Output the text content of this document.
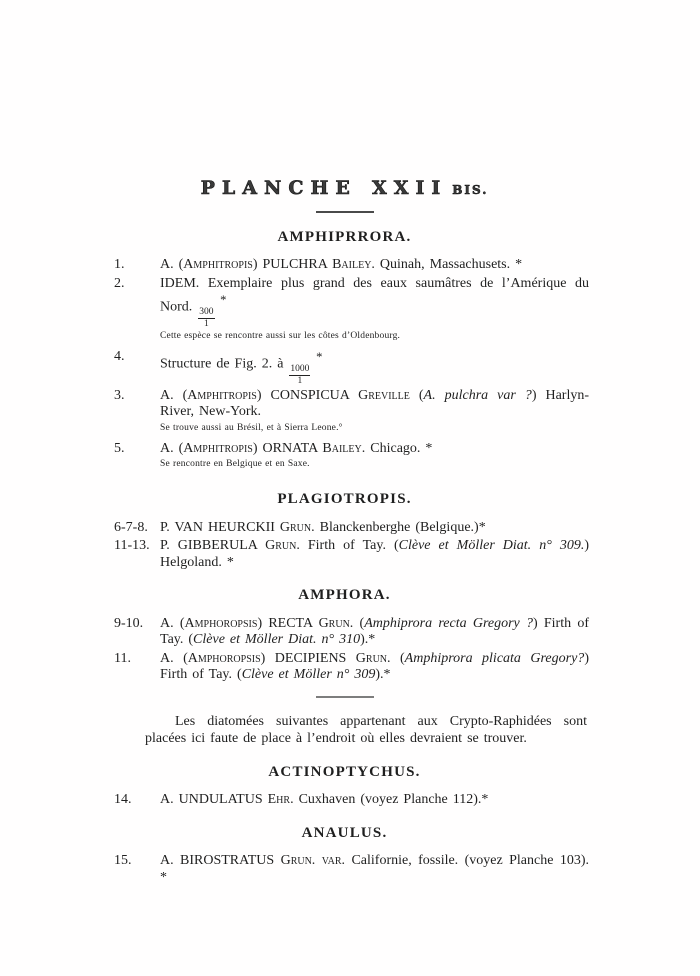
PLANCHE XXII BIS.
AMPHIPRRORA.
1.	A. (Amphitropis) PULCHRA Bailey. Quinah, Massachusets. *
2.	IDEM. Exemplaire plus grand des eaux saumâtres de l’Amérique du Nord.
$\frac{300}{1}$
*
Cette espèce se rencontre aussi sur les côtes d’Oldenbourg.
4.	Structure de Fig. 2. à
$\frac{1000}{1}$
*
3.	A. (Amphitropis) CONSPICUA Greville (A. pulchra var ?) Harlyn-River, New-York.
Se trouve aussi au Brésil, et à Sierra Leone.°
5.	A. (Amphitropis) ORNATA Bailey. Chicago. *
Se rencontre en Belgique et en Saxe.
PLAGIOTROPIS.
6-7-8. P. VAN HEURCKII Grun. Blanckenberghe (Belgique.)*
11-13. P. GIBBERULA Grun. Firth of Tay. (Clève et Möller Diat. n° 309.) Helgoland. *
AMPHORA.
9-10.	A. (Amphoropsis) RECTA Grun. (Amphiprora recta Gregory ?) Firth of Tay. (Clève et Möller Diat. n° 310).*
11.	A. (Amphoropsis) DECIPIENS Grun. (Amphiprora plicata Gregory?) Firth of Tay. (Clève et Möller n° 309).*

Les diatomées suivantes appartenant aux Crypto-Raphidées sont placées ici faute de place à l’endroit où elles devraient se trouver.

ACTINOPTYCHUS.
14.	A. UNDULATUS Ehr. Cuxhaven (voyez Planche 112).*
ANAULUS.
15.	A. BIROSTRATUS Grun. var. Californie, fossile. (voyez Planche 103). *
